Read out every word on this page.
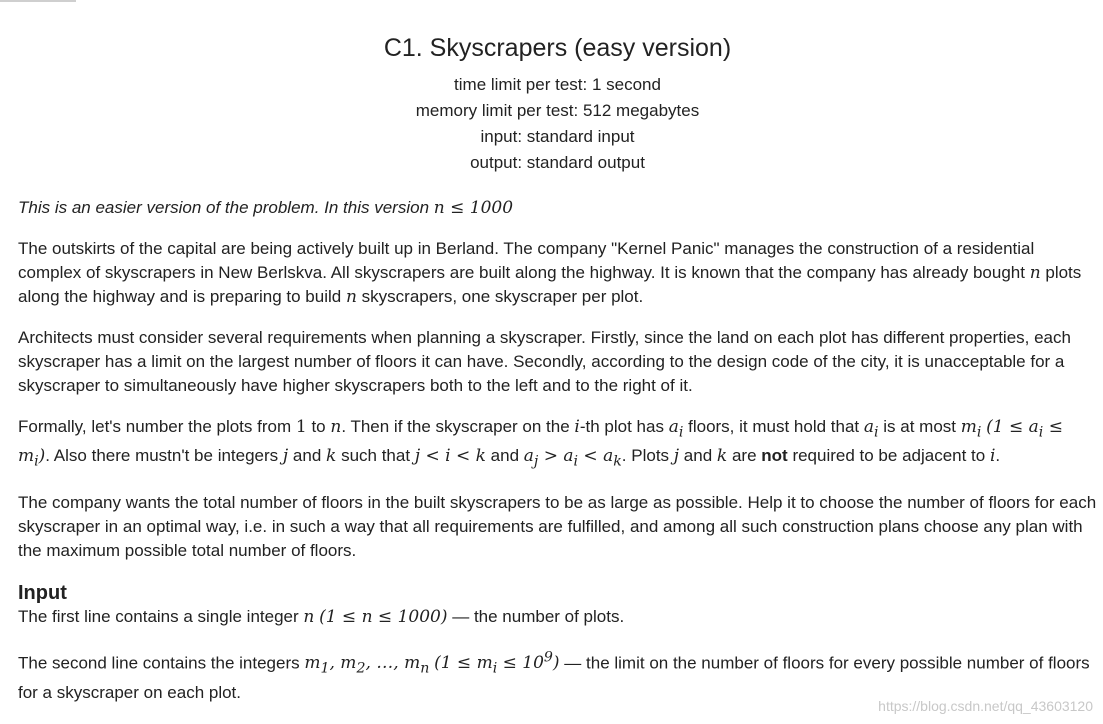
C1. Skyscrapers (easy version)
time limit per test: 1 second
memory limit per test: 512 megabytes
input: standard input
output: standard output

This is an easier version of the problem. In this version n ≤ 1000

The outskirts of the capital are being actively built up in Berland. The company "Kernel Panic" manages the construction of a residential complex of skyscrapers in New Berlskva. All skyscrapers are built along the highway. It is known that the company has already bought n plots along the highway and is preparing to build n skyscrapers, one skyscraper per plot.

Architects must consider several requirements when planning a skyscraper. Firstly, since the land on each plot has different properties, each skyscraper has a limit on the largest number of floors it can have. Secondly, according to the design code of the city, it is unacceptable for a skyscraper to simultaneously have higher skyscrapers both to the left and to the right of it.

Formally, let's number the plots from 1 to n. Then if the skyscraper on the i-th plot has $a_i$ floors, it must hold that $a_i$ is at most $m_i$ $(1 \le a_i \le m_i)$. Also there mustn't be integers j and k such that j < i < k and $a_j > a_i < a_k$. Plots j and k are not required to be adjacent to i.

The company wants the total number of floors in the built skyscrapers to be as large as possible. Help it to choose the number of floors for each skyscraper in an optimal way, i.e. in such a way that all requirements are fulfilled, and among all such construction plans choose any plan with the maximum possible total number of floors.

Input

The first line contains a single integer n (1 ≤ n ≤ 1000) — the number of plots.

The second line contains the integers $m_1$, $m_2$, …, $m_n$ $(1 \le m_i \le 10^9)$ — the limit on the number of floors for every possible number of floors for a skyscraper on each plot.

https://blog.csdn.net/qq_43603120
